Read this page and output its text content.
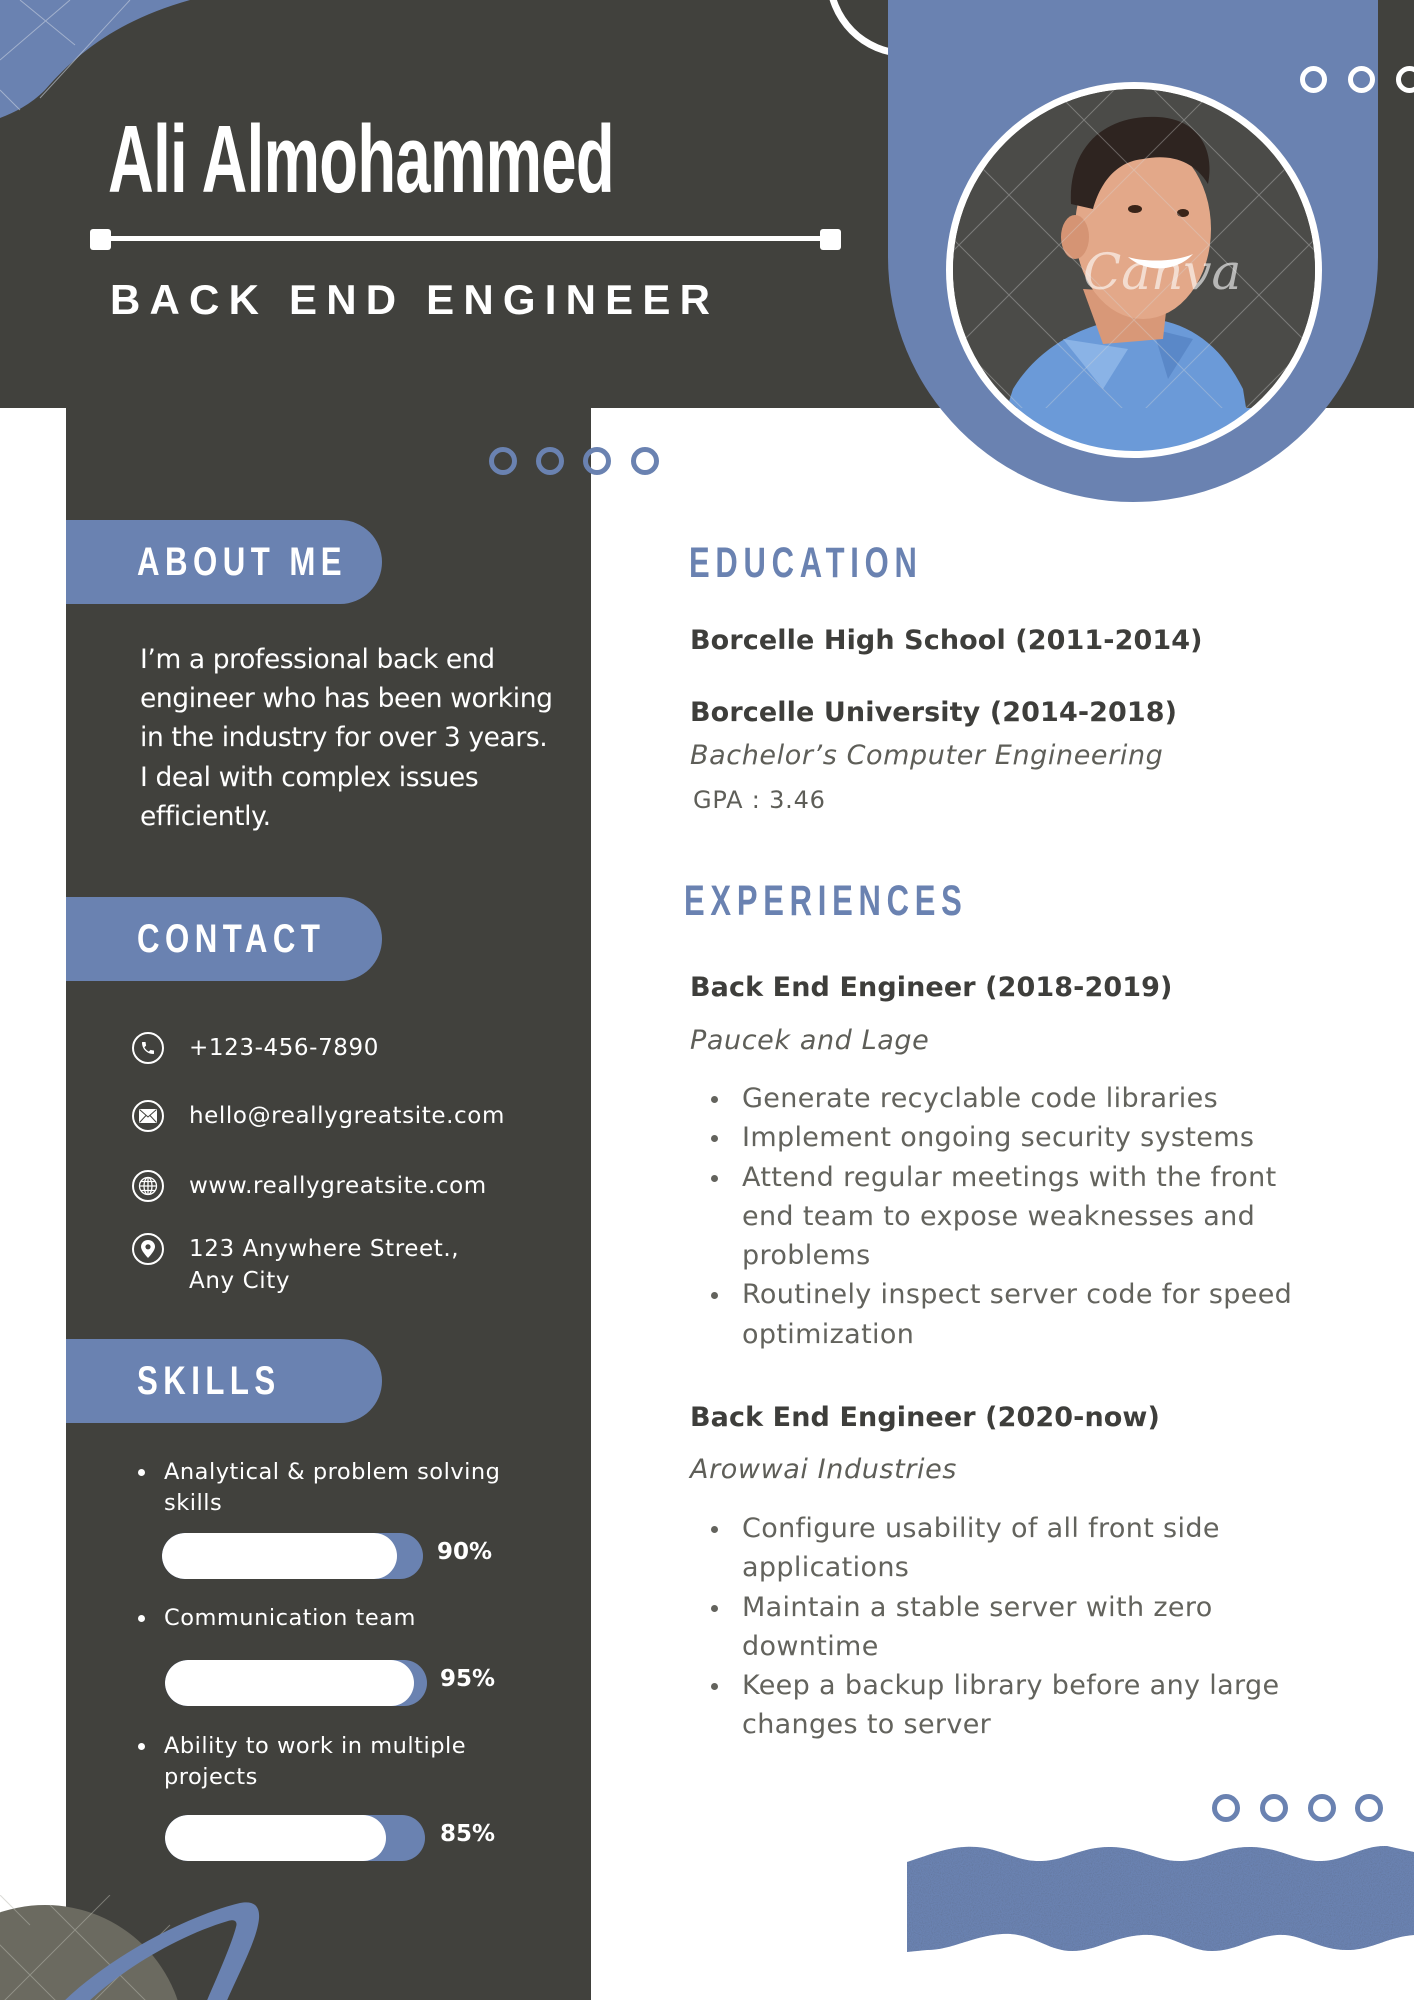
Canva
Ali Almohammed
BACK END ENGINEER
ABOUT ME
I’m a professional back end engineer who has been working in the industry for over 3 years. I deal with complex issues efficiently.
CONTACT
+123-456-7890
hello@reallygreatsite.com
www.reallygreatsite.com
123 Anywhere Street.,
Any City
SKILLS
Analytical & problem solving
skills
90%
Communication team
95%
Ability to work in multiple
projects
85%
EDUCATION
Borcelle High School (2011-2014)
Borcelle University (2014-2018)
Bachelor’s Computer Engineering
GPA : 3.46
EXPERIENCES
Back End Engineer (2018-2019)
Paucek and Lage
Generate recyclable code libraries
Implement ongoing security systems
Attend regular meetings with the front end team to expose weaknesses and problems
Routinely inspect server code for speed optimization
Back End Engineer (2020-now)
Arowwai Industries
Configure usability of all front side applications
Maintain a stable server with zero downtime
Keep a backup library before any large changes to server
